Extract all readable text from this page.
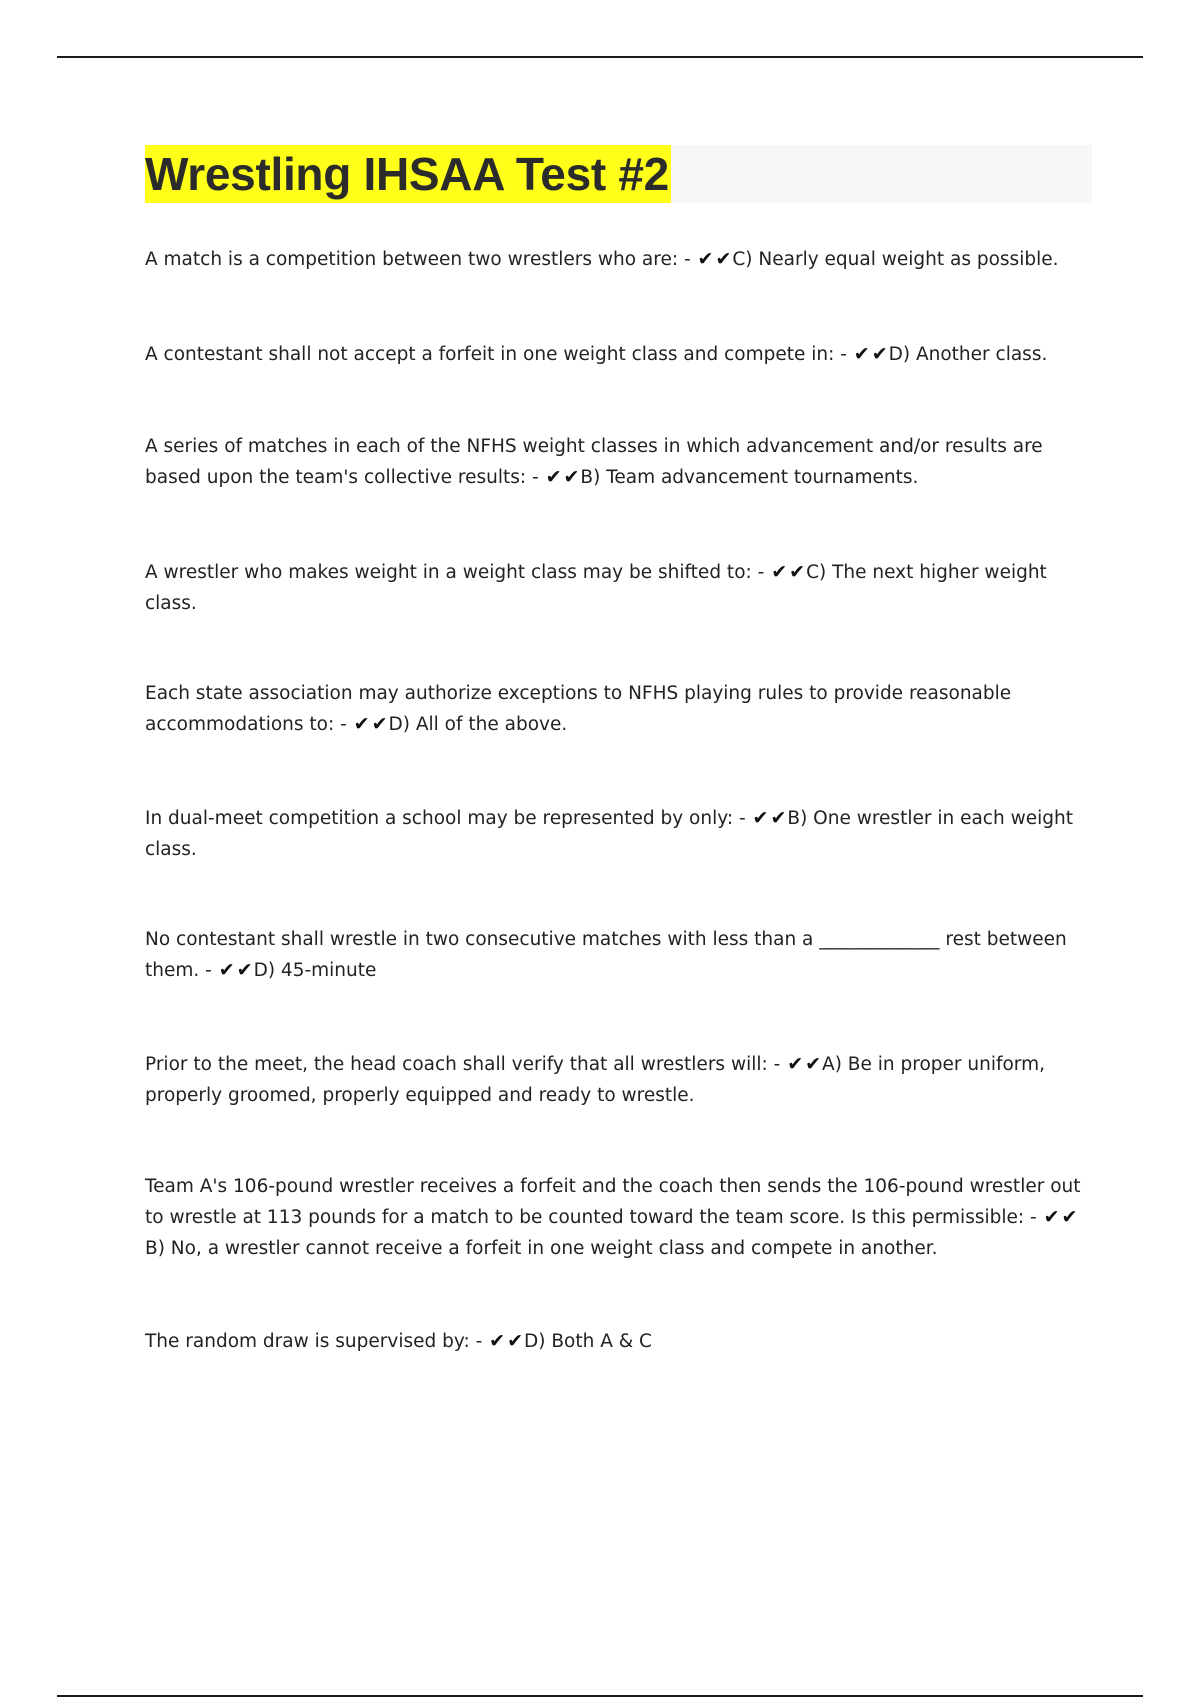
Wrestling IHSAA Test #2
A match is a competition between two wrestlers who are: - ✔ ✔C) Nearly equal weight as possible.
A contestant shall not accept a forfeit in one weight class and compete in: - ✔ ✔D) Another class.
A series of matches in each of the NFHS weight classes in which advancement and/or results are based upon the team's collective results: - ✔ ✔B) Team advancement tournaments.
A wrestler who makes weight in a weight class may be shifted to: - ✔ ✔C) The next higher weight class.
Each state association may authorize exceptions to NFHS playing rules to provide reasonable accommodations to: - ✔ ✔D) All of the above.
In dual-meet competition a school may be represented by only: - ✔ ✔B) One wrestler in each weight class.
No contestant shall wrestle in two consecutive matches with less than a _____________ rest between them. - ✔ ✔D) 45-minute
Prior to the meet, the head coach shall verify that all wrestlers will: - ✔ ✔A) Be in proper uniform, properly groomed, properly equipped and ready to wrestle.
Team A's 106-pound wrestler receives a forfeit and the coach then sends the 106-pound wrestler out to wrestle at 113 pounds for a match to be counted toward the team score. Is this permissible: - ✔ ✔B) No, a wrestler cannot receive a forfeit in one weight class and compete in another.
The random draw is supervised by: - ✔ ✔D) Both A & C
